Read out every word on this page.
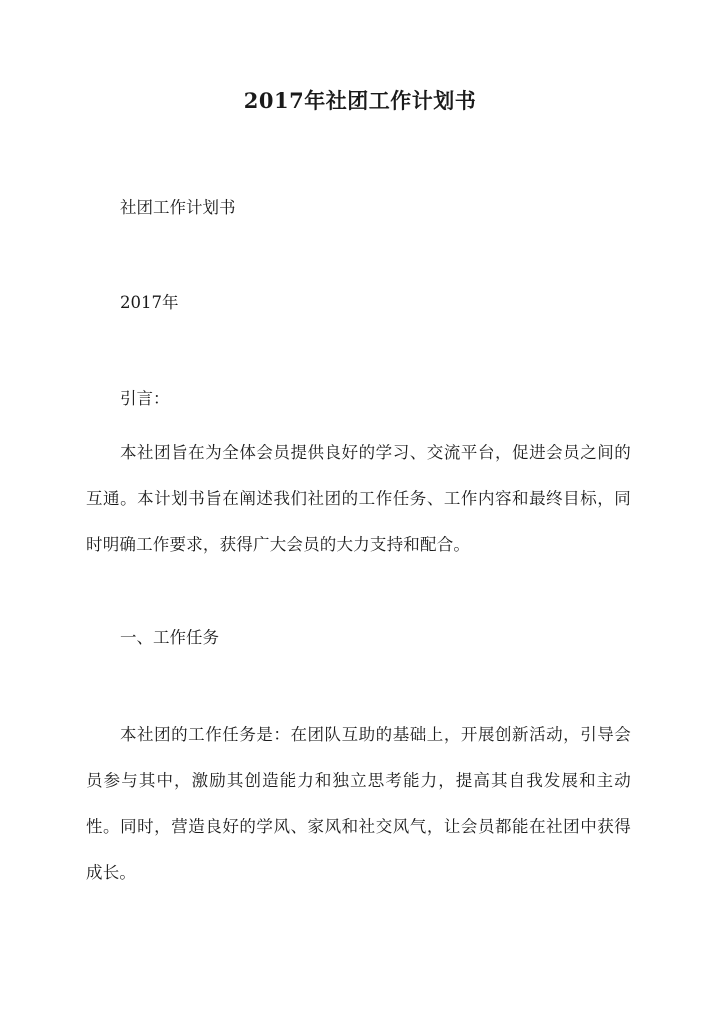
2017年社团工作计划书
社团工作计划书
2017年
引言：
本社团旨在为全体会员提供良好的学习、交流平台，促进会员之间的互通。本计划书旨在阐述我们社团的工作任务、工作内容和最终目标，同时明确工作要求，获得广大会员的大力支持和配合。
一、工作任务
本社团的工作任务是：在团队互助的基础上，开展创新活动，引导会员参与其中，激励其创造能力和独立思考能力，提高其自我发展和主动性。同时，营造良好的学风、家风和社交风气，让会员都能在社团中获得成长。
